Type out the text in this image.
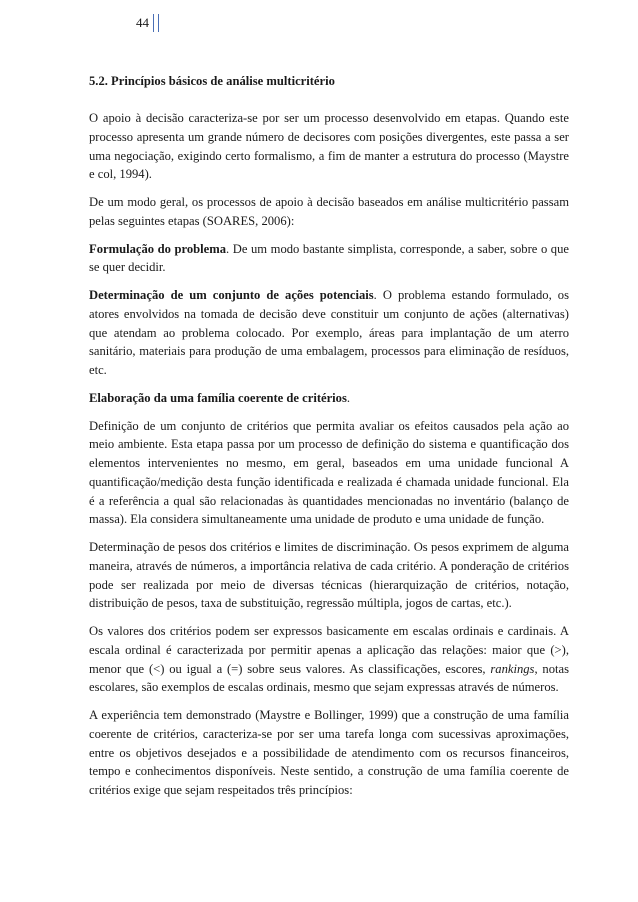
44
5.2. Princípios básicos de análise multicritério

O apoio à decisão caracteriza-se por ser um processo desenvolvido em etapas. Quando este processo apresenta um grande número de decisores com posições divergentes, este passa a ser uma negociação, exigindo certo formalismo, a fim de manter a estrutura do processo (Maystre e col, 1994).

De um modo geral, os processos de apoio à decisão baseados em análise multicritério passam pelas seguintes etapas (SOARES, 2006):

Formulação do problema. De um modo bastante simplista, corresponde, a saber, sobre o que se quer decidir.

Determinação de um conjunto de ações potenciais. O problema estando formulado, os atores envolvidos na tomada de decisão deve constituir um conjunto de ações (alternativas) que atendam ao problema colocado. Por exemplo, áreas para implantação de um aterro sanitário, materiais para produção de uma embalagem, processos para eliminação de resíduos, etc.

Elaboração da uma família coerente de critérios.

Definição de um conjunto de critérios que permita avaliar os efeitos causados pela ação ao meio ambiente. Esta etapa passa por um processo de definição do sistema e quantificação dos elementos intervenientes no mesmo, em geral, baseados em uma unidade funcional A quantificação/medição desta função identificada e realizada é chamada unidade funcional. Ela é a referência a qual são relacionadas às quantidades mencionadas no inventário (balanço de massa). Ela considera simultaneamente uma unidade de produto e uma unidade de função.

Determinação de pesos dos critérios e limites de discriminação. Os pesos exprimem de alguma maneira, através de números, a importância relativa de cada critério. A ponderação de critérios pode ser realizada por meio de diversas técnicas (hierarquização de critérios, notação, distribuição de pesos, taxa de substituição, regressão múltipla, jogos de cartas, etc.).

Os valores dos critérios podem ser expressos basicamente em escalas ordinais e cardinais. A escala ordinal é caracterizada por permitir apenas a aplicação das relações: maior que (>), menor que (<) ou igual a (=) sobre seus valores. As classificações, escores, rankings, notas escolares, são exemplos de escalas ordinais, mesmo que sejam expressas através de números.

A experiência tem demonstrado (Maystre e Bollinger, 1999) que a construção de uma família coerente de critérios, caracteriza-se por ser uma tarefa longa com sucessivas aproximações, entre os objetivos desejados e a possibilidade de atendimento com os recursos financeiros, tempo e conhecimentos disponíveis. Neste sentido, a construção de uma família coerente de critérios exige que sejam respeitados três princípios:
